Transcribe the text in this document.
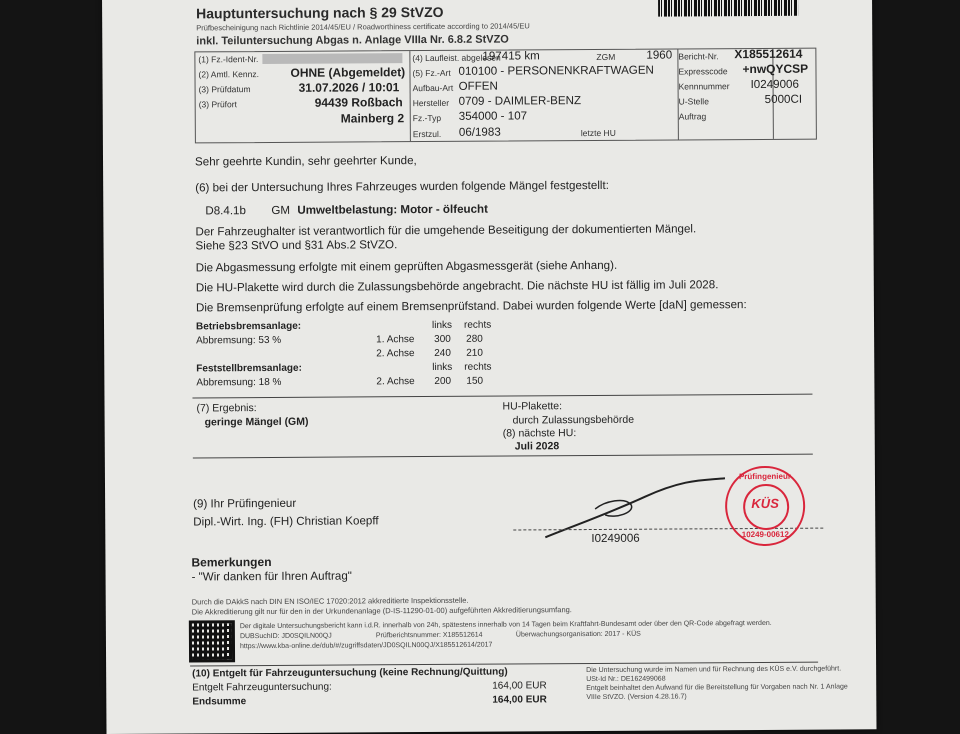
Hauptuntersuchung nach § 29 StVZO
Prüfbescheinigung nach Richtlinie 2014/45/EU / Roadworthiness certificate according to 2014/45/EU
inkl. Teiluntersuchung Abgas n. Anlage VIIIa Nr. 6.8.2 StVZO
(1) Fz.-Ident-Nr.
(2) Amtl. Kennz.	OHNE (Abgemeldet)
(3) Prüfdatum	31.07.2026 / 10:01
(3) Prüfort	94439 Roßbach
Mainberg 2
(4) Laufleist. abgelesen
197415 km	ZGM	1960
(5) Fz.-Art 010100 - PERSONENKRAFTWAGEN
Aufbau-Art OFFEN
Hersteller 0709 - DAIMLER-BENZ
Fz.-Typ 354000 - 107
Erstzul. 06/1983	letzte HU
Bericht-Nr. X185512614
Expresscode +nwQYCSP
Kennnummer I0249006
U-Stelle	5000CI
Auftrag
Sehr geehrte Kundin, sehr geehrter Kunde,
(6) bei der Untersuchung Ihres Fahrzeuges wurden folgende Mängel festgestellt:
D8.4.1b GM Umweltbelastung: Motor - ölfeucht
Der Fahrzeughalter ist verantwortlich für die umgehende Beseitigung der dokumentierten Mängel.
Siehe §23 StVO und §31 Abs.2 StVZO.
Die Abgasmessung erfolgte mit einem geprüften Abgasmessgerät (siehe Anhang).
Die HU-Plakette wird durch die Zulassungsbehörde angebracht. Die nächste HU ist fällig im Juli 2028.
Die Bremsenprüfung erfolgte auf einem Bremsenprüfstand. Dabei wurden folgende Werte [daN] gemessen:
Betriebsbremsanlage:	links rechts
Abbremsung: 53 %	1. Achse 300 280
2. Achse 240 210
Feststellbremsanlage:	links rechts
Abbremsung: 18 %	2. Achse 200 150
(7) Ergebnis:
geringe Mängel (GM)
HU-Plakette:
durch Zulassungsbehörde
(8) nächste HU:
Juli 2028
(9) Ihr Prüfingenieur
Dipl.-Wirt. Ing. (FH) Christian Koepff
I0249006
Prüfingenieur
KÜS
10249-00612
Bemerkungen
- "Wir danken für Ihren Auftrag"
Durch die DAkkS nach DIN EN ISO/IEC 17020:2012 akkreditierte Inspektionsstelle.
Die Akkreditierung gilt nur für den in der Urkundenanlage (D-IS-11290-01-00) aufgeführten Akkreditierungsumfang.
Der digitale Untersuchungsbericht kann i.d.R. innerhalb von 24h, spätestens innerhalb von 14 Tagen beim Kraftfahrt-Bundesamt oder über den QR-Code abgefragt werden.
DUBSuchID: JD0SQILN00QJ	Prüfberichtsnummer: X185512614	Überwachungsorganisation: 2017 - KÜS
https://www.kba-online.de/dub/#/zugriffsdaten/JD0SQILN00QJ/X185512614/2017
(10) Entgelt für Fahrzeuguntersuchung (keine Rechnung/Quittung)
Entgelt Fahrzeuguntersuchung:	164,00 EUR
Endsumme	164,00 EUR
Die Untersuchung wurde im Namen und für Rechnung des KÜS e.V. durchgeführt.
USt-Id Nr.: DE162499068
Entgelt beinhaltet den Aufwand für die Bereitstellung für Vorgaben nach Nr. 1 Anlage
VIIIe StVZO. (Version 4.28.16.7)
